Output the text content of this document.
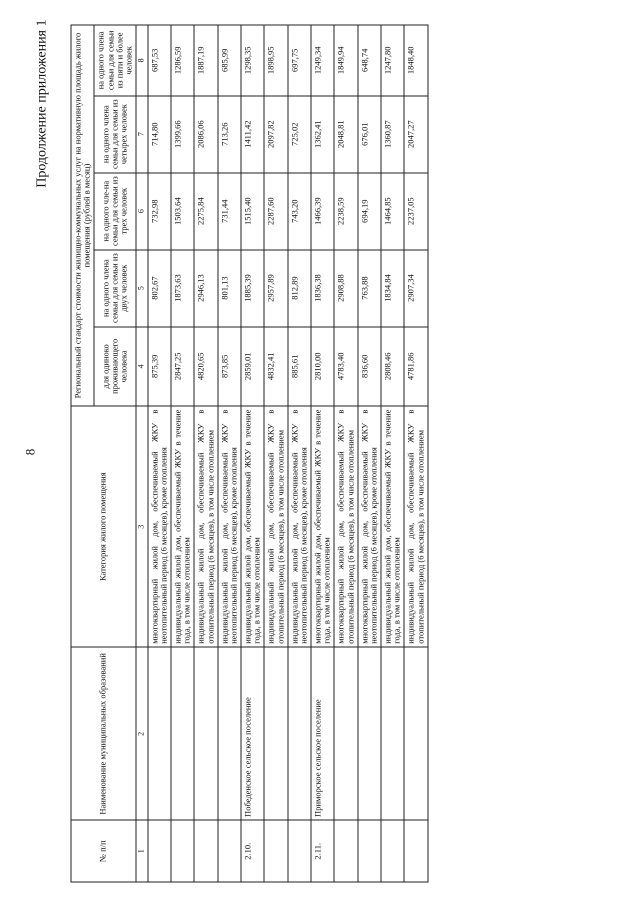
8
Продолжение приложения 1
№ п/п	Наименование муниципальных образований	Категория жилого помещения	Региональный стандарт стоимости жилищно-коммунальных услуг на нормативную площадь жилого помещения (рублей в месяц)				
			для одиноко проживающего человека	на одного члена семьи для семьи из двух человек	на одного чле-на семьи для семьи из трех человек	на одного члена семьи для семьи из четырех человек	на одного члена семьи для семьи из пяти и более человек
1	2	3	4	5	6	7	8
		многоквартирный жилой дом, обеспечиваемый ЖКУ в неотопительный период (6 месяцев), кроме отопления	875,39	802,67	732,98	714,80	687,53
		индивидуальный жилой дом, обеспечиваемый ЖКУ в течение года, в том числе отоплением	2847,25	1873,63	1503,64	1399,66	1286,59
		индивидуальный жилой дом, обеспечиваемый ЖКУ в отопительный период (6 месяцев), в том числе отоплением	4820,65	2946,13	2275,84	2086,06	1887,19
		индивидуальный жилой дом, обеспечиваемый ЖКУ в неотопительный период (6 месяцев), кроме отопления	873,85	801,13	731,44	713,26	685,99
2.10.	Победенское сельское поселение	индивидуальный жилой дом, обеспечиваемый ЖКУ в течение года, в том числе отоплением	2859,01	1885,39	1515,40	1411,42	1298,35
		индивидуальный жилой дом, обеспечиваемый ЖКУ в отопительный период (6 месяцев), в том числе отоплением	4832,41	2957,89	2287,60	2097,82	1898,95
		индивидуальный жилой дом, обеспечиваемый ЖКУ в неотопительный период (6 месяцев), кроме отопления	885,61	812,89	743,20	725,02	697,75
2.11.	Приморское сельское поселение	многоквартирный жилой дом, обеспечиваемый ЖКУ в течение года, в том числе отоплением	2810,00	1836,38	1466,39	1362,41	1249,34
		многоквартирный жилой дом, обеспечиваемый ЖКУ в отопительный период (6 месяцев), в том числе отоплением	4783,40	2908,88	2238,59	2048,81	1849,94
		многоквартирный жилой дом, обеспечиваемый ЖКУ в неотопительный период (6 месяцев), кроме отопления	836,60	763,88	694,19	676,01	648,74
		индивидуальный жилой дом, обеспечиваемый ЖКУ в течение года, в том числе отоплением	2808,46	1834,84	1464,85	1360,87	1247,80
		индивидуальный жилой дом, обеспечиваемый ЖКУ в отопительный период (6 месяцев), в том числе отоплением	4781,86	2907,34	2237,05	2047,27	1848,40
